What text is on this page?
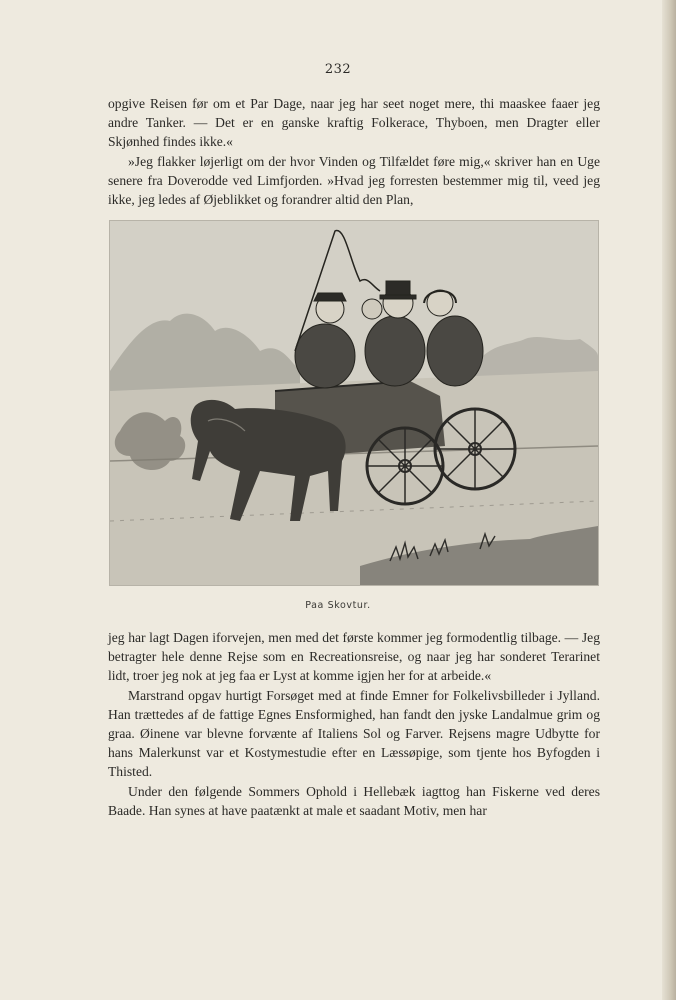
232

opgive Reisen før om et Par Dage, naar jeg har seet noget mere, thi maaskee faaer jeg andre Tanker. — Det er en ganske kraftig Folkerace, Thyboen, men Dragter eller Skjønhed findes ikke.«

»Jeg flakker løjerligt om der hvor Vinden og Tilfældet føre mig,« skriver han en Uge senere fra Doverodde ved Limfjorden. »Hvad jeg forresten bestemmer mig til, veed jeg ikke, jeg ledes af Øjeblikket og forandrer altid den Plan,

Paa Skovtur.

jeg har lagt Dagen iforvejen, men med det første kommer jeg formodentlig tilbage. — Jeg betragter hele denne Rejse som en Recreationsreise, og naar jeg har sonderet Terarinet lidt, troer jeg nok at jeg faa er Lyst at komme igjen her for at arbeide.«

Marstrand opgav hurtigt Forsøget med at finde Emner for Folkelivsbilleder i Jylland. Han trættedes af de fattige Egnes Ensformighed, han fandt den jyske Landalmue grim og graa. Øinene var blevne forvænte af Italiens Sol og Farver. Rejsens magre Udbytte for hans Malerkunst var et Kostymestudie efter en Læssøpige, som tjente hos Byfogden i Thisted.

Under den følgende Sommers Ophold i Hellebæk iagttog han Fiskerne ved deres Baade. Han synes at have paatænkt at male et saadant Motiv, men har
